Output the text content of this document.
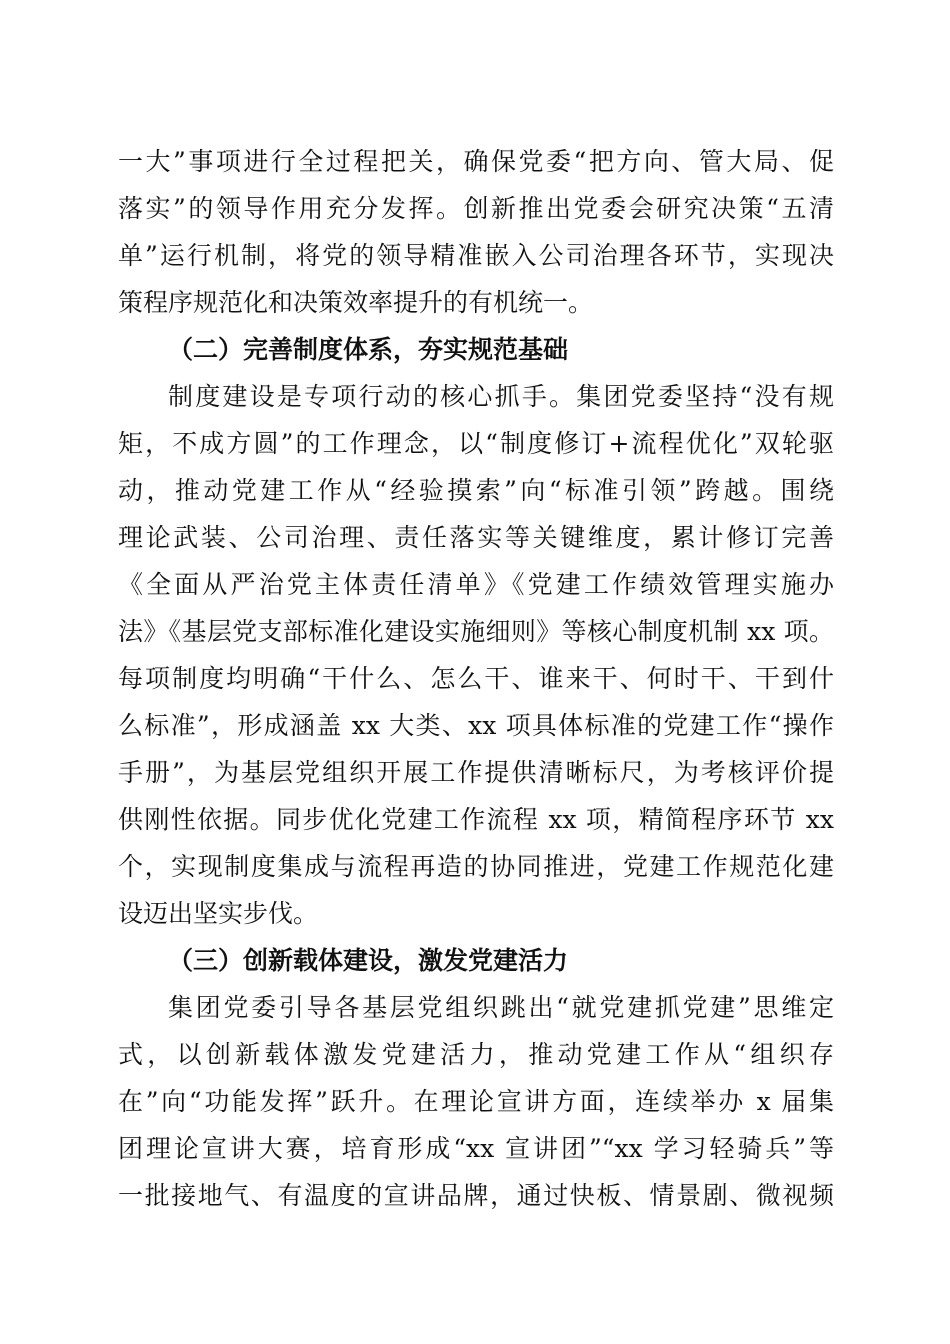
一大”事项进行全过程把关，确保党委“把方向、管大局、促
落实”的领导作用充分发挥。创新推出党委会研究决策“五清
单”运行机制，将党的领导精准嵌入公司治理各环节，实现决
策程序规范化和决策效率提升的有机统一。
（二）完善制度体系，夯实规范基础
制度建设是专项行动的核心抓手。集团党委坚持“没有规
矩，不成方圆”的工作理念，以“制度修订+流程优化”双轮驱
动，推动党建工作从“经验摸索”向“标准引领”跨越。围绕
理论武装、公司治理、责任落实等关键维度，累计修订完善
《全面从严治党主体责任清单》《党建工作绩效管理实施办
法》《基层党支部标准化建设实施细则》等核心制度机制 xx 项。
每项制度均明确“干什么、怎么干、谁来干、何时干、干到什
么标准”，形成涵盖 xx 大类、xx 项具体标准的党建工作“操作
手册”，为基层党组织开展工作提供清晰标尺，为考核评价提
供刚性依据。同步优化党建工作流程 xx 项，精简程序环节 xx
个，实现制度集成与流程再造的协同推进，党建工作规范化建
设迈出坚实步伐。
（三）创新载体建设，激发党建活力
集团党委引导各基层党组织跳出“就党建抓党建”思维定
式，以创新载体激发党建活力，推动党建工作从“组织存
在”向“功能发挥”跃升。在理论宣讲方面，连续举办 x 届集
团理论宣讲大赛，培育形成“xx 宣讲团”“xx 学习轻骑兵”等
一批接地气、有温度的宣讲品牌，通过快板、情景剧、微视频
